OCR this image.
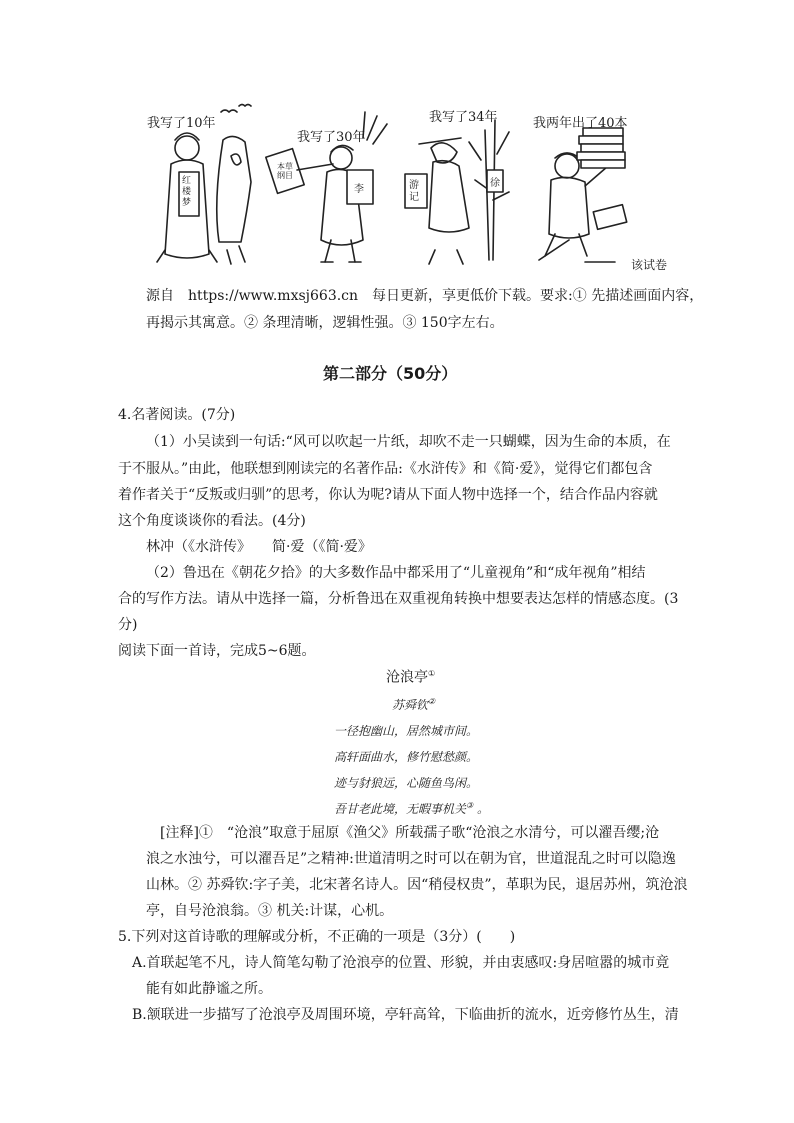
我写了10年
我写了30年
我写了34年	我两年出了40本
红楼梦
本草纲目
游记
李
徐
该试卷
源自　https://www.mxsj663.cn　每日更新，享更低价下载。要求:① 先描述画面内容，
再揭示其寓意。② 条理清晰，逻辑性强。③ 150字左右。
第二部分（50分）
4.名著阅读。(7分)
（1）小吴读到一句话:“风可以吹起一片纸，却吹不走一只蝴蝶，因为生命的本质，在
于不服从。”由此，他联想到刚读完的名著作品:《水浒传》和《简·爱》，觉得它们都包含
着作者关于“反叛或归驯”的思考，你认为呢?请从下面人物中选择一个，结合作品内容就
这个角度谈谈你的看法。(4分)
林冲（《水浒传》　　简·爱（《简·爱》
（2）鲁迅在《朝花夕拾》的大多数作品中都采用了“儿童视角”和“成年视角”相结
合的写作方法。请从中选择一篇，分析鲁迅在双重视角转换中想要表达怎样的情感态度。(3
分)
阅读下面一首诗，完成5~6题。
沧浪亭①
苏舜钦②
一径抱幽山，居然城市间。
高轩面曲水，修竹慰愁颜。
迹与豺狼远，心随鱼鸟闲。
吾甘老此境，无暇事机关③ 。
[注释]①　“沧浪”取意于屈原《渔父》所载孺子歌“沧浪之水清兮，可以濯吾缨;沧
浪之水浊兮，可以濯吾足”之精神:世道清明之时可以在朝为官，世道混乱之时可以隐逸
山林。② 苏舜钦:字子美，北宋著名诗人。因“稍侵权贵”，革职为民，退居苏州，筑沧浪
亭，自号沧浪翁。③ 机关:计谋，心机。
5.下列对这首诗歌的理解或分析，不正确的一项是（3分）(　　)
A.首联起笔不凡，诗人简笔勾勒了沧浪亭的位置、形貌，并由衷感叹:身居喧嚣的城市竟
能有如此静谧之所。
B.颔联进一步描写了沧浪亭及周围环境，亭轩高耸，下临曲折的流水，近旁修竹丛生，清
